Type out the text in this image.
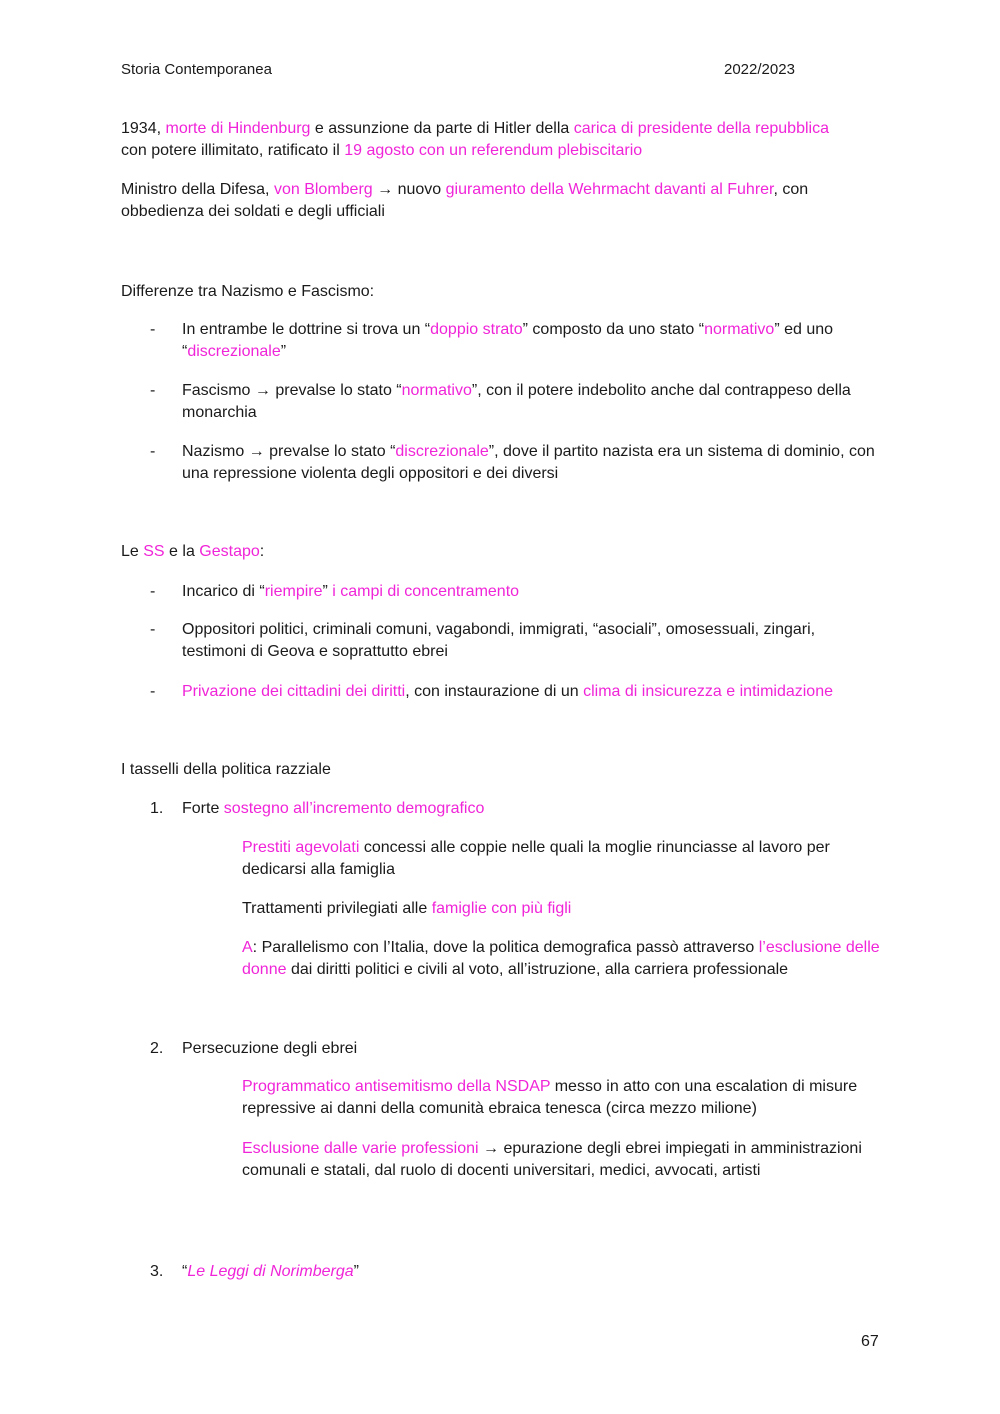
Storia Contemporanea	2022/2023
1934, morte di Hindenburg e assunzione da parte di Hitler della carica di presidente della repubblica
con potere illimitato, ratificato il 19 agosto con un referendum plebiscitario
Ministro della Difesa, von Blomberg → nuovo giuramento della Wehrmacht davanti al Fuhrer, con obbedienza dei soldati e degli ufficiali
Differenze tra Nazismo e Fascismo:
- In entrambe le dottrine si trova un “doppio strato” composto da uno stato “normativo” ed uno “discrezionale”
- Fascismo → prevalse lo stato “normativo”, con il potere indebolito anche dal contrappeso della monarchia
- Nazismo → prevalse lo stato “discrezionale”, dove il partito nazista era un sistema di dominio, con una repressione violenta degli oppositori e dei diversi
Le SS e la Gestapo:
- Incarico di “riempire” i campi di concentramento
- Oppositori politici, criminali comuni, vagabondi, immigrati, “asociali”, omosessuali, zingari, testimoni di Geova e soprattutto ebrei
- Privazione dei cittadini dei diritti, con instaurazione di un clima di insicurezza e intimidazione
I tasselli della politica razziale
1. Forte sostegno all’incremento demografico
Prestiti agevolati concessi alle coppie nelle quali la moglie rinunciasse al lavoro per dedicarsi alla famiglia
Trattamenti privilegiati alle famiglie con più figli
A: Parallelismo con l’Italia, dove la politica demografica passò attraverso l’esclusione delle donne dai diritti politici e civili al voto, all’istruzione, alla carriera professionale
2. Persecuzione degli ebrei
Programmatico antisemitismo della NSDAP messo in atto con una escalation di misure repressive ai danni della comunità ebraica tenesca (circa mezzo milione)
Esclusione dalle varie professioni → epurazione degli ebrei impiegati in amministrazioni comunali e statali, dal ruolo di docenti universitari, medici, avvocati, artisti
3. “Le Leggi di Norimberga”
67
